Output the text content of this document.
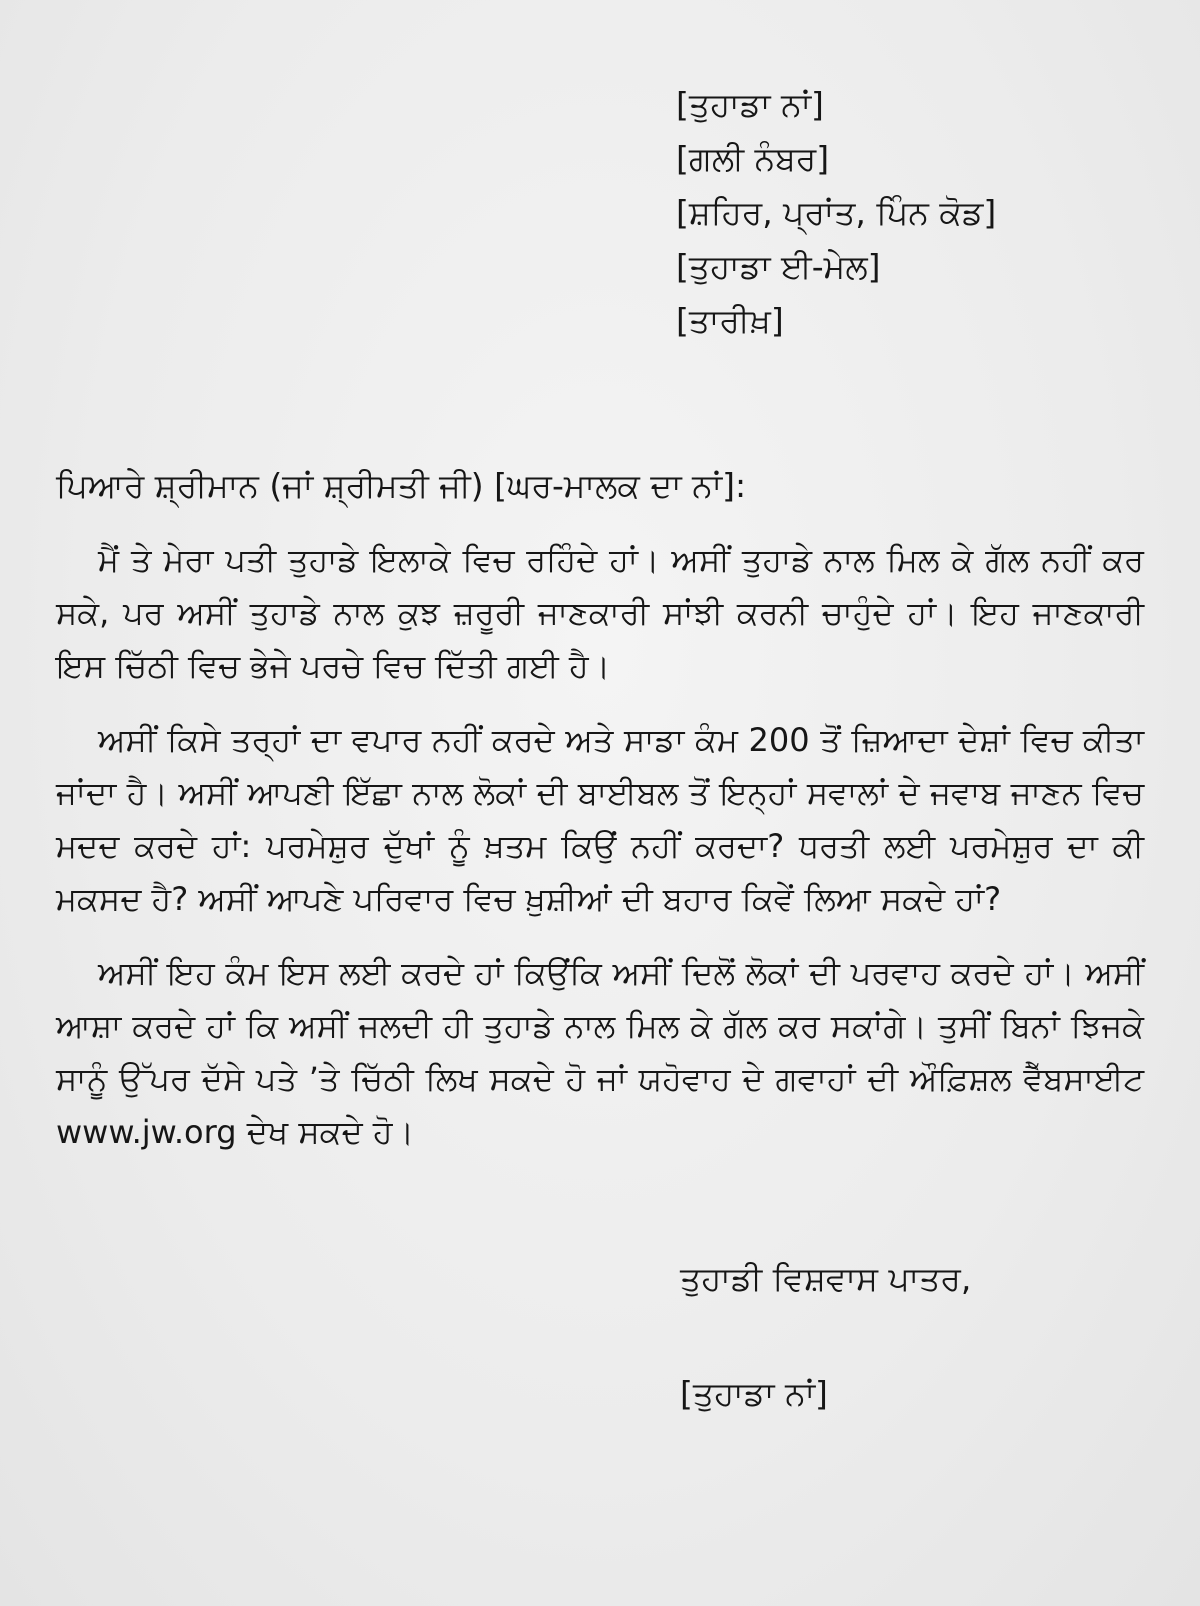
[ਤੁਹਾਡਾ ਨਾਂ]
[ਗਲੀ ਨੰਬਰ]
[ਸ਼ਹਿਰ, ਪ੍ਰਾਂਤ, ਪਿੰਨ ਕੋਡ]
[ਤੁਹਾਡਾ ਈ-ਮੇਲ]
[ਤਾਰੀਖ਼]
ਪਿਆਰੇ ਸ਼੍ਰੀਮਾਨ (ਜਾਂ ਸ਼੍ਰੀਮਤੀ ਜੀ) [ਘਰ-ਮਾਲਕ ਦਾ ਨਾਂ]:

ਮੈਂ ਤੇ ਮੇਰਾ ਪਤੀ ਤੁਹਾਡੇ ਇਲਾਕੇ ਵਿਚ ਰਹਿੰਦੇ ਹਾਂ। ਅਸੀਂ ਤੁਹਾਡੇ ਨਾਲ ਮਿਲ ਕੇ ਗੱਲ ਨਹੀਂ ਕਰ ਸਕੇ, ਪਰ ਅਸੀਂ ਤੁਹਾਡੇ ਨਾਲ ਕੁਝ ਜ਼ਰੂਰੀ ਜਾਣਕਾਰੀ ਸਾਂਝੀ ਕਰਨੀ ਚਾਹੁੰਦੇ ਹਾਂ। ਇਹ ਜਾਣਕਾਰੀ ਇਸ ਚਿੱਠੀ ਵਿਚ ਭੇਜੇ ਪਰਚੇ ਵਿਚ ਦਿੱਤੀ ਗਈ ਹੈ।

ਅਸੀਂ ਕਿਸੇ ਤਰ੍ਹਾਂ ਦਾ ਵਪਾਰ ਨਹੀਂ ਕਰਦੇ ਅਤੇ ਸਾਡਾ ਕੰਮ 200 ਤੋਂ ਜ਼ਿਆਦਾ ਦੇਸ਼ਾਂ ਵਿਚ ਕੀਤਾ ਜਾਂਦਾ ਹੈ। ਅਸੀਂ ਆਪਣੀ ਇੱਛਾ ਨਾਲ ਲੋਕਾਂ ਦੀ ਬਾਈਬਲ ਤੋਂ ਇਨ੍ਹਾਂ ਸਵਾਲਾਂ ਦੇ ਜਵਾਬ ਜਾਣਨ ਵਿਚ ਮਦਦ ਕਰਦੇ ਹਾਂ: ਪਰਮੇਸ਼ੁਰ ਦੁੱਖਾਂ ਨੂੰ ਖ਼ਤਮ ਕਿਉਂ ਨਹੀਂ ਕਰਦਾ? ਧਰਤੀ ਲਈ ਪਰਮੇਸ਼ੁਰ ਦਾ ਕੀ ਮਕਸਦ ਹੈ? ਅਸੀਂ ਆਪਣੇ ਪਰਿਵਾਰ ਵਿਚ ਖ਼ੁਸ਼ੀਆਂ ਦੀ ਬਹਾਰ ਕਿਵੇਂ ਲਿਆ ਸਕਦੇ ਹਾਂ?

ਅਸੀਂ ਇਹ ਕੰਮ ਇਸ ਲਈ ਕਰਦੇ ਹਾਂ ਕਿਉਂਕਿ ਅਸੀਂ ਦਿਲੋਂ ਲੋਕਾਂ ਦੀ ਪਰਵਾਹ ਕਰਦੇ ਹਾਂ। ਅਸੀਂ ਆਸ਼ਾ ਕਰਦੇ ਹਾਂ ਕਿ ਅਸੀਂ ਜਲਦੀ ਹੀ ਤੁਹਾਡੇ ਨਾਲ ਮਿਲ ਕੇ ਗੱਲ ਕਰ ਸਕਾਂਗੇ। ਤੁਸੀਂ ਬਿਨਾਂ ਝਿਜਕੇ ਸਾਨੂੰ ਉੱਪਰ ਦੱਸੇ ਪਤੇ ’ਤੇ ਚਿੱਠੀ ਲਿਖ ਸਕਦੇ ਹੋ ਜਾਂ ਯਹੋਵਾਹ ਦੇ ਗਵਾਹਾਂ ਦੀ ਔਫ਼ਿਸ਼ਲ ਵੈੱਬਸਾਈਟ www.jw.org ਦੇਖ ਸਕਦੇ ਹੋ।

ਤੁਹਾਡੀ ਵਿਸ਼ਵਾਸ ਪਾਤਰ,
[ਤੁਹਾਡਾ ਨਾਂ]
